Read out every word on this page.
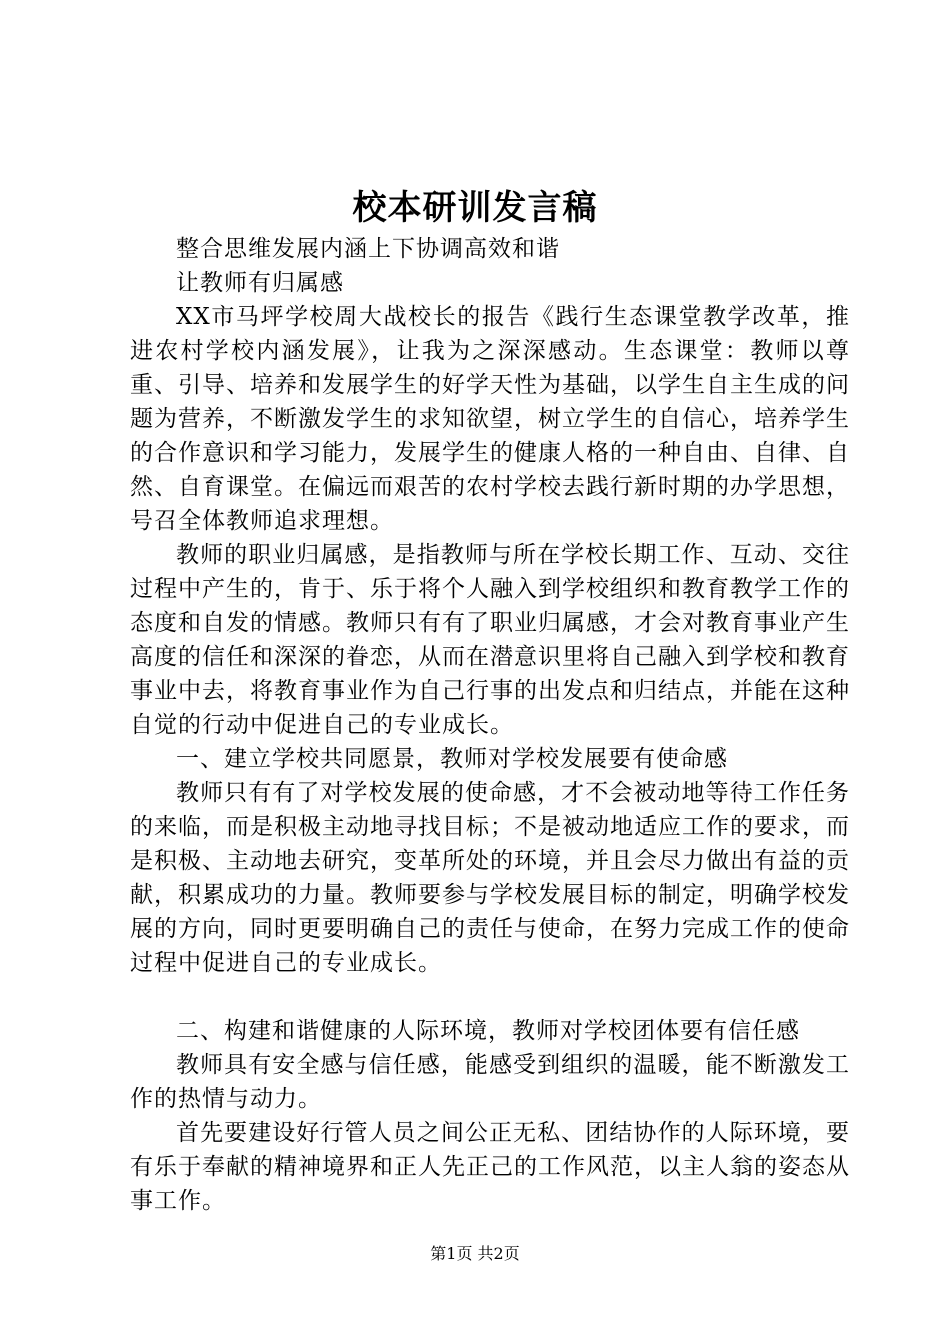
校本研训发言稿

整合思维发展内涵上下协调高效和谐

让教师有归属感

XX市马坪学校周大战校长的报告《践行生态课堂教学改革，推进农村学校内涵发展》，让我为之深深感动。生态课堂：教师以尊重、引导、培养和发展学生的好学天性为基础，以学生自主生成的问题为营养，不断激发学生的求知欲望，树立学生的自信心，培养学生的合作意识和学习能力，发展学生的健康人格的一种自由、自律、自然、自育课堂。在偏远而艰苦的农村学校去践行新时期的办学思想，号召全体教师追求理想。

教师的职业归属感，是指教师与所在学校长期工作、互动、交往过程中产生的，肯于、乐于将个人融入到学校组织和教育教学工作的态度和自发的情感。教师只有有了职业归属感，才会对教育事业产生高度的信任和深深的眷恋，从而在潜意识里将自己融入到学校和教育事业中去，将教育事业作为自己行事的出发点和归结点，并能在这种自觉的行动中促进自己的专业成长。

一、建立学校共同愿景，教师对学校发展要有使命感

教师只有有了对学校发展的使命感，才不会被动地等待工作任务的来临，而是积极主动地寻找目标；不是被动地适应工作的要求，而是积极、主动地去研究，变革所处的环境，并且会尽力做出有益的贡献，积累成功的力量。教师要参与学校发展目标的制定，明确学校发展的方向，同时更要明确自己的责任与使命，在努力完成工作的使命过程中促进自己的专业成长。

二、构建和谐健康的人际环境，教师对学校团体要有信任感

教师具有安全感与信任感，能感受到组织的温暖，能不断激发工作的热情与动力。

首先要建设好行管人员之间公正无私、团结协作的人际环境，要有乐于奉献的精神境界和正人先正己的工作风范，以主人翁的姿态从事工作。

第1页 共2页
